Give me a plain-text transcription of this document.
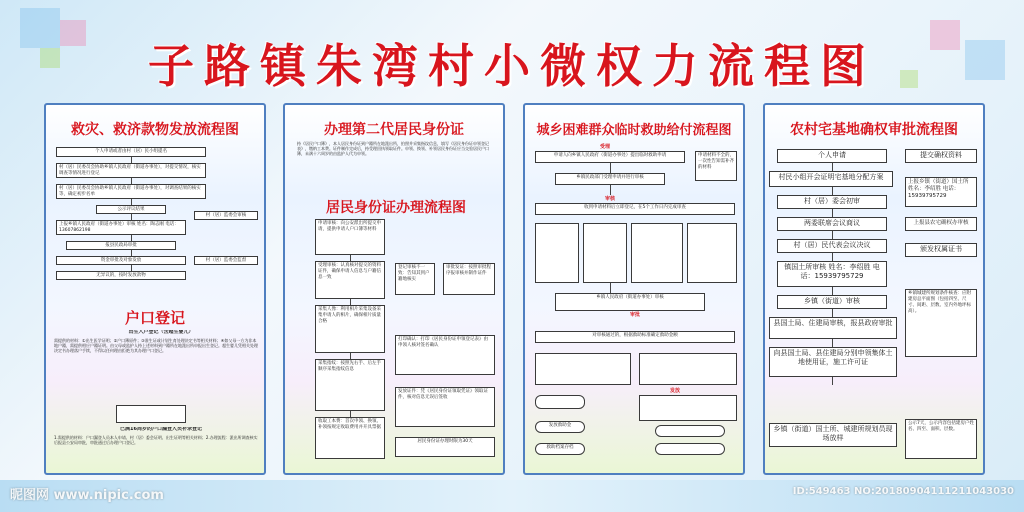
子路镇朱湾村小微权力流程图
救灾、救济款物发放流程图
个人申请或者由村（居）民小组提名
村（居）民委员会协助乡镇人民政府（街道办事处），对提交情况，核实调查等情况进行登记
村（居）民委员会协助乡镇人民政府（街道办事处），对调查结果的核实等，确定初步名单
公示评议结果
村（居）监委会审核
上报乡镇人民政府（街道办事处）审核 姓名：陶志刚 电话：13607862198
报县民政局审批
资金审批及对象发放	村（居）监委会监督
无异议的，按时发放款物
户口登记
出生入户登记（含超生婴儿）
需提供的材料：①出生医学证明；②户口簿原件；③准生证或计划生育处理决定书等相关材料；④如父母一方为非本地户籍，需提供相应户籍证明。由父母或监护人持上述材料到户籍所在地派出所申报出生登记。超生婴儿凭相关处理决定书办理落户手续，不得以任何理由拒绝为其办理户口登记。
已满16周岁的户口漏登人员补录登记
1.需提供的材料：户口漏登人员本人申请、村（居）委会证明、出生证明等相关材料；2.办理流程：派出所调查核实后报县公安局审批，审批通过后办理户口登记。
办理第二代居民身份证
持《居民户口簿》，本人居民身份证到户籍所在地派出所，拍照并采集指纹信息，填写《居民身份证申领登记表》，缴纳工本费。证件制作完成后，持受理回执领取证件。申领、换领、补领居民身份证应当交验居民户口簿，未满十六周岁的由监护人代为申领。
居民身份证办理流程图
申请审核：向公安派出所提交申请，提供申请人户口簿等材料
受理审核：认真核对提交的资料证件，确保申请人信息与户籍信息一致
采集人像：利用相片采集设备采集申请人的相片，确保相片质量合格
采集指纹：按照先右手、后左手顺序采集指纹信息
收取工本费：首次申领、换领、补领按规定收取费用并开具票据
登记审核不一致：告知其到户籍地核实
审批发证：按照审批程序报审核并制作证件
打印确认：打印《居民身份证申领登记表》由申领人核对签名确认
发放证件：凭《居民身份证领取凭证》领取证件，核对信息无误后签收
居民身份证办理时限为30天
城乡困难群众临时救助给付流程图
受理
申请人向乡镇人民政府（街道办事处）提出临时救助申请	申请材料不全的，一次性告知需补齐的材料
乡镇民政部门受理申请并进行审核
审核
收到申请材料后立即登记，在5个工作日内完成审查
乡镇人民政府（街道办事处）审核
审批
对审核通过的，根据救助标准确定救助金额
发放
发放救助金
救助档案存档
农村宅基地确权审批流程图
个人申请	提交确权资料
村民小组开会证明宅基地分配方案
上报乡镇（街道）国土所 姓名：李绍胜 电话：15939795729
村（居）委会初审
两委联席会议商议	上报县农宅确权办审核
村（居）民代表会议决议	颁发权属证书
镇国土所审核 姓名：李绍胜 电话：15939795729
乡镇（街道）审核
乡镇城建所规划条件核查：应附建房总平面图（包括四至、尺寸、间距、层数、室内外地坪标高）。
县国土局、住建局审核，报县政府审批
向县国土局、县住建局分别申领集体土地使用证，施工许可证
乡镇（街道）国土所、城建所规划员现场放样
公示7天，公示内容包括建房户姓名、四至、面积、层数。
昵图网 www.nipic.com	ID:549463 NO:20180904111211043030
